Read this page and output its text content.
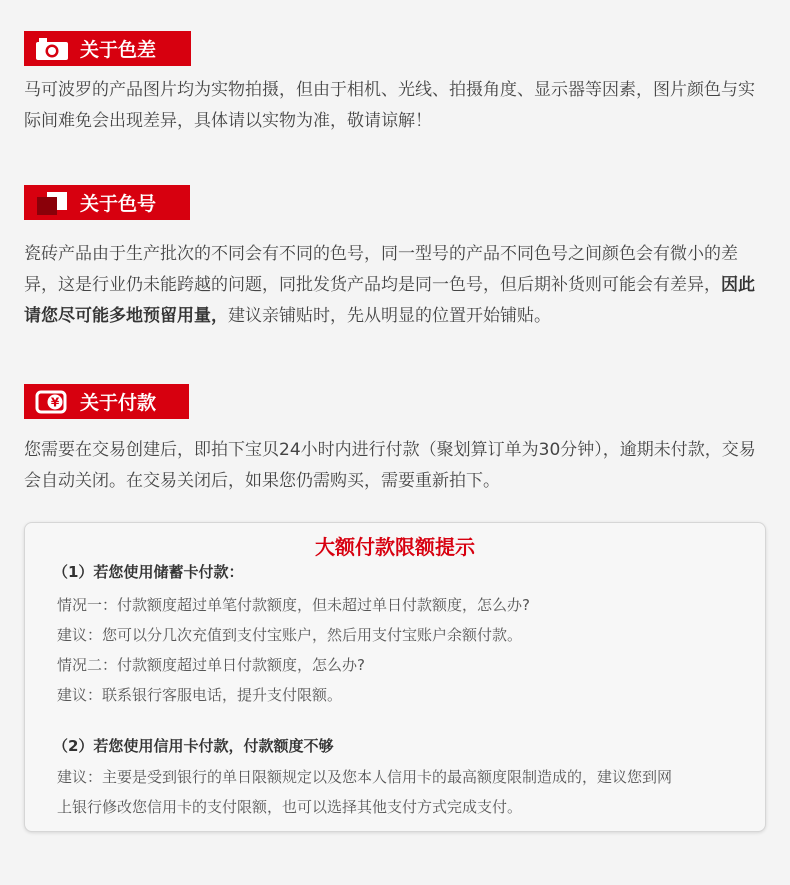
关于色差

马可波罗的产品图片均为实物拍摄，但由于相机、光线、拍摄角度、显示器等因素，图片颜色与实际间难免会出现差异，具体请以实物为准，敬请谅解！

关于色号

瓷砖产品由于生产批次的不同会有不同的色号，同一型号的产品不同色号之间颜色会有微小的差异，这是行业仍未能跨越的问题，同批发货产品均是同一色号，但后期补货则可能会有差异，因此请您尽可能多地预留用量，建议亲铺贴时，先从明显的位置开始铺贴。

¥ 关于付款

您需要在交易创建后，即拍下宝贝24小时内进行付款（聚划算订单为30分钟），逾期未付款，交易会自动关闭。在交易关闭后，如果您仍需购买，需要重新拍下。

大额付款限额提示
（1）若您使用储蓄卡付款：
情况一：付款额度超过单笔付款额度，但未超过单日付款额度，怎么办?
建议：您可以分几次充值到支付宝账户，然后用支付宝账户余额付款。
情况二：付款额度超过单日付款额度，怎么办?
建议：联系银行客服电话，提升支付限额。
（2）若您使用信用卡付款，付款额度不够
建议：主要是受到银行的单日限额规定以及您本人信用卡的最高额度限制造成的，建议您到网
上银行修改您信用卡的支付限额，也可以选择其他支付方式完成支付。
